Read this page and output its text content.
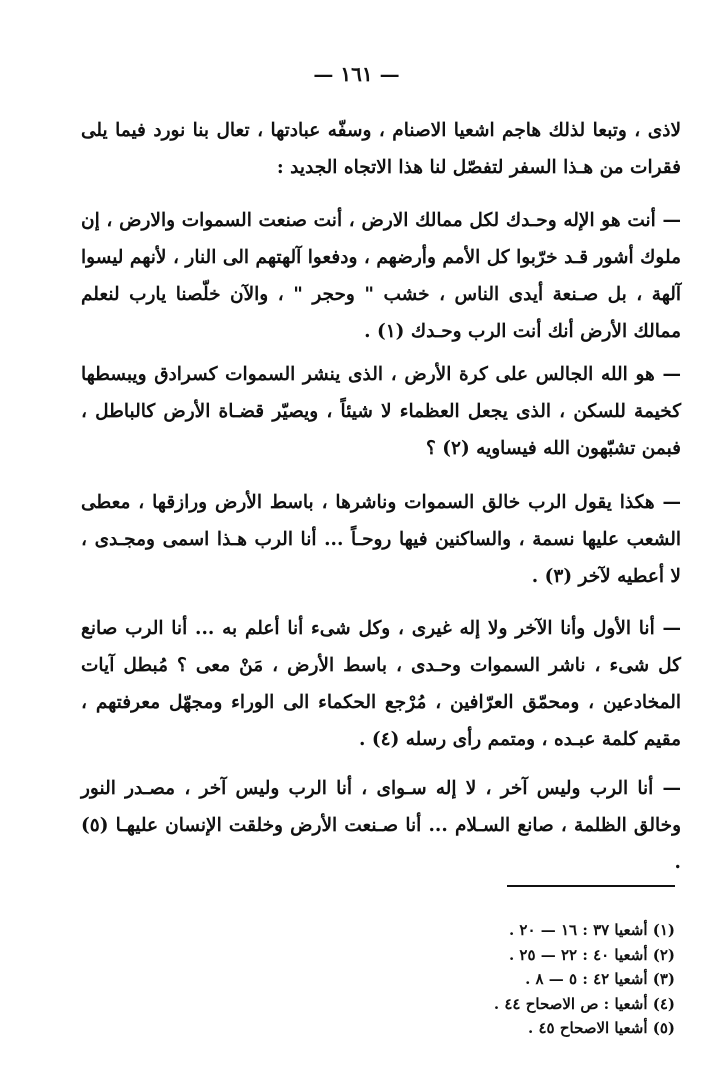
— ١٦١ —
لاذى ، وتبعا لذلك هاجم اشعيا الاصنام ، وسفّه عبادتها ، تعال بنا نورد فيما يلى فقرات من هـذا السفر لتفصّل لنا هذا الاتجاه الجديد :
— أنت هو الإله وحـدك لكل ممالك الارض ، أنت صنعت السموات والارض ، إن ملوك أشور قـد خرّبوا كل الأمم وأرضهم ، ودفعوا آلهتهم الى النار ، لأنهم ليسوا آلهة ، بل صـنعة أيدى الناس ، خشب " وحجر " ، والآن خلّصنا يارب لنعلم ممالك الأرض أنك أنت الرب وحـدك (١) .
— هو الله الجالس على كرة الأرض ، الذى ينشر السموات كسرادق ويبسطها كخيمة للسكن ، الذى يجعل العظماء لا شيئاً ، ويصيّر قضـاة الأرض كالباطل ، فبمن تشبّهون الله فيساويه (٢) ؟
— هكذا يقول الرب خالق السموات وناشرها ، باسط الأرض ورازقها ، معطى الشعب عليها نسمة ، والساكنين فيها روحـاً ... أنا الرب هـذا اسمى ومجـدى ، لا أعطيه لآخر (٣) .
— أنا الأول وأنا الآخر ولا إله غيرى ، وكل شىء أنا أعلم به ... أنا الرب صانع كل شىء ، ناشر السموات وحـدى ، باسط الأرض ، مَنْ معى ؟ مُبطل آيات المخادعين ، ومحمّق العرّافين ، مُرْجع الحكماء الى الوراء ومجهّل معرفتهم ، مقيم كلمة عبـده ، ومتمم رأى رسله (٤) .
— أنا الرب وليس آخر ، لا إله سـواى ، أنا الرب وليس آخر ، مصـدر النور وخالق الظلمة ، صانع السـلام ... أنا صـنعت الأرض وخلقت الإنسان عليهـا (٥) .
(١) أشعيا ٣٧ : ١٦ — ٢٠ .
(٢) أشعيا ٤٠ : ٢٢ — ٢٥ .
(٣) أشعيا ٤٢ : ٥ — ٨ .
(٤) أشعيا : ص الاصحاح ٤٤ .
(٥) أشعيا الاصحاح ٤٥ .
